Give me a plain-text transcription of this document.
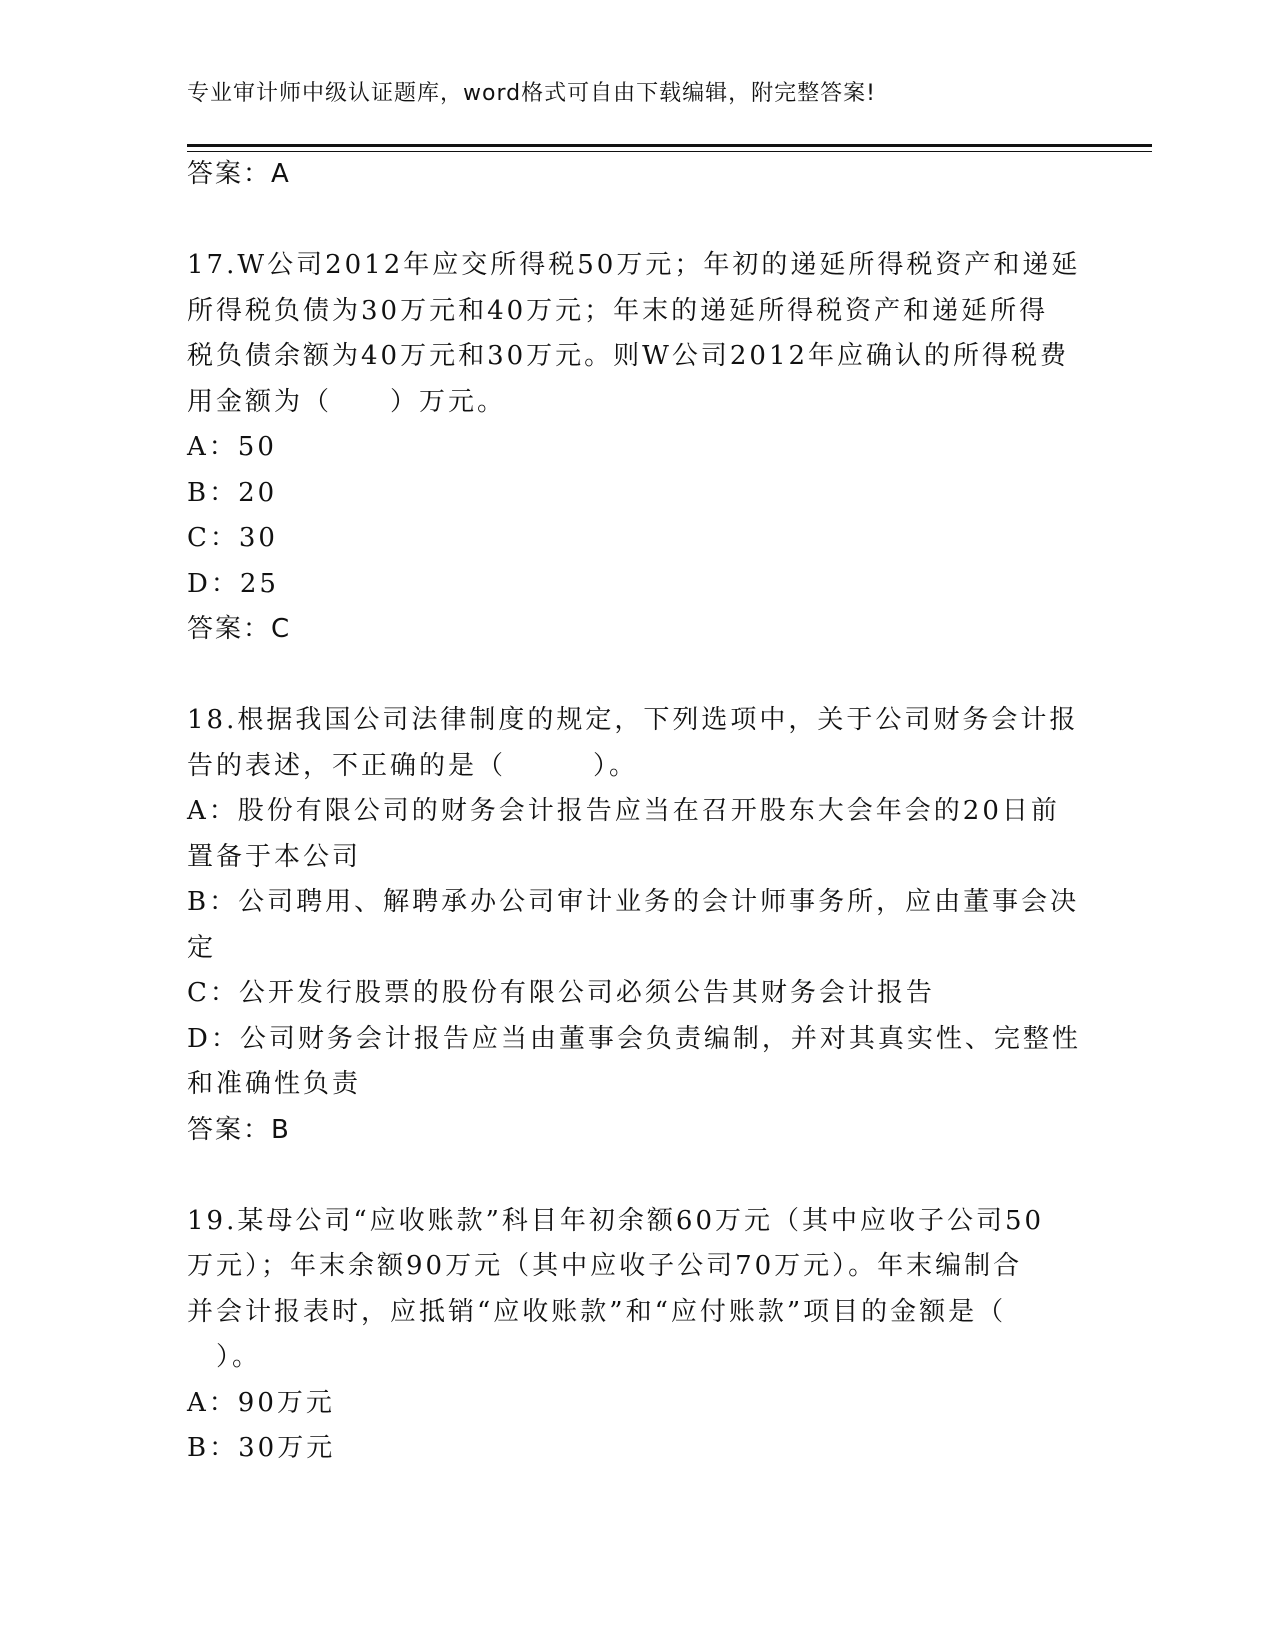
专业审计师中级认证题库，word格式可自由下载编辑，附完整答案!
答案：A
17.W公司2012年应交所得税50万元；年初的递延所得税资产和递延
所得税负债为30万元和40万元；年末的递延所得税资产和递延所得
税负债余额为40万元和30万元。则W公司2012年应确认的所得税费
用金额为（　　）万元。
A：50
B：20
C：30
D：25
答案：C
18.根据我国公司法律制度的规定，下列选项中，关于公司财务会计报
告的表述，不正确的是（　　　）。
A：股份有限公司的财务会计报告应当在召开股东大会年会的20日前
置备于本公司
B：公司聘用、解聘承办公司审计业务的会计师事务所，应由董事会决
定
C：公开发行股票的股份有限公司必须公告其财务会计报告
D：公司财务会计报告应当由董事会负责编制，并对其真实性、完整性
和准确性负责
答案：B
19.某母公司“应收账款”科目年初余额60万元（其中应收子公司50
万元）；年末余额90万元（其中应收子公司70万元）。年末编制合
并会计报表时，应抵销“应收账款”和“应付账款”项目的金额是（
　）。
A：90万元
B：30万元
